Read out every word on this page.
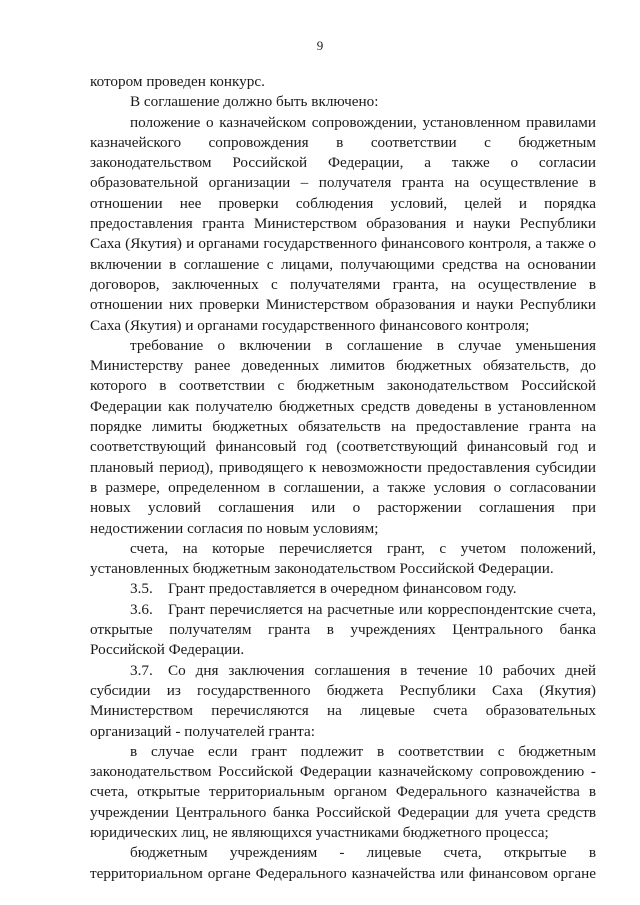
9

котором проведен конкурс.

В соглашение должно быть включено:

положение о казначейском сопровождении, установленном правилами казначейского сопровождения в соответствии с бюджетным законодательством Российской Федерации, а также о согласии образовательной организации – получателя гранта на осуществление в отношении нее проверки соблюдения условий, целей и порядка предоставления гранта Министерством образования и науки Республики Саха (Якутия) и органами государственного финансового контроля, а также о включении в соглашение с лицами, получающими средства на основании договоров, заключенных с получателями гранта, на осуществление в отношении них проверки Министерством образования и науки Республики Саха (Якутия) и органами государственного финансового контроля;

требование о включении в соглашение в случае уменьшения Министерству ранее доведенных лимитов бюджетных обязательств, до которого в соответствии с бюджетным законодательством Российской Федерации как получателю бюджетных средств доведены в установленном порядке лимиты бюджетных обязательств на предоставление гранта на соответствующий финансовый год (соответствующий финансовый год и плановый период), приводящего к невозможности предоставления субсидии в размере, определенном в соглашении, а также условия о согласовании новых условий соглашения или о расторжении соглашения при недостижении согласия по новым условиям;

счета, на которые перечисляется грант, с учетом положений, установленных бюджетным законодательством Российской Федерации.

3.5. Грант предоставляется в очередном финансовом году.

3.6. Грант перечисляется на расчетные или корреспондентские счета, открытые получателям гранта в учреждениях Центрального банка Российской Федерации.

3.7. Со дня заключения соглашения в течение 10 рабочих дней субсидии из государственного бюджета Республики Саха (Якутия) Министерством перечисляются на лицевые счета образовательных организаций - получателей гранта:

в случае если грант подлежит в соответствии с бюджетным законодательством Российской Федерации казначейскому сопровождению - счета, открытые территориальным органом Федерального казначейства в учреждении Центрального банка Российской Федерации для учета средств юридических лиц, не являющихся участниками бюджетного процесса;

бюджетным учреждениям - лицевые счета, открытые в территориальном органе Федерального казначейства или финансовом органе
